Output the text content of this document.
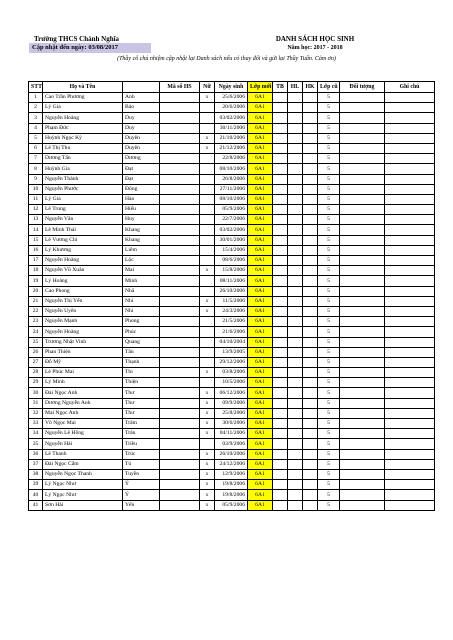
Trường THCS Chánh Nghĩa
Cập nhật đến ngày: 03/08/2017
DANH SÁCH HỌC SINH
Năm học: 2017 - 2018
(Thầy cô chủ nhiệm cập nhật lại Danh sách nếu có thay đổi và gửi lại Thầy Tuấn. Cảm ơn)
STT	Họ và Tên		Mã số HS	Nữ	Ngày sinh	Lớp mới	TB	HL	HK	Lớp cũ	Đối tượng	Ghi chú
1	Cao Trần Phương	Anh		x	25/6/2006	6A1				5		
2	Lý Gia	Bảo			20/6/2006	6A1				5		
3	Nguyễn Hoàng	Duy			03/02/2006	6A1				5		
4	Phạm Đức	Duy			30/11/2006	6A1				5		
5	Huỳnh Ngọc Kỳ	Duyên		x	21/10/2006	6A1				5		
6	Lê Thị Thu	Duyên		x	21/12/2006	6A1				5		
7	Dương Tấn	Dương			22/8/2006	6A1				5		
8	Huỳnh Gia	Đạt			08/10/2006	6A1				5		
9	Nguyễn Thành	Đạt			26/8/2006	6A1				5		
10	Nguyễn Phước	Đông			27/11/2006	6A1				5		
11	Lý Gia	Hào			08/10/2006	6A1				5		
12	Lê Trung	Hiếu			05/9/2006	6A1				5		
13	Nguyễn Văn	Huy			22/7/2006	6A1				5		
14	Lê Minh Thái	Khang			03/02/2006	6A1				5		
15	Lê Vương Chí	Khang			30/01/2006	6A1				5		
16	Lý Khương	Liêm			15/4/2006	6A1				5		
17	Nguyễn Hoàng	Lộc			08/6/2006	6A1				5		
18	Nguyễn Vũ Xuân	Mai		x	15/8/2006	6A1				5		
19	Lý Hoàng	Minh			08/11/2006	6A1				5		
20	Cao Phong	Nhã			26/10/2006	6A1				5		
21	Nguyễn Thị Yến	Nhi		x	11/5/2006	6A1				5		
22	Nguyễn Uyên	Nhi		x	24/3/2006	6A1				5		
23	Nguyễn Mạnh	Phong			21/5/2006	6A1				5		
24	Nguyễn Hoàng	Phúc			21/6/2006	6A1				5		
25	Trương Nhật Vinh	Quang			04/10/2004	6A1				5		
26	Phan Thiện	Tân			13/9/2005	6A1				5		
27	Đỗ Mỹ	Thạnh			29/12/2006	6A1				5		
28	Lê Phúc Mai	Thi		x	03/8/2006	6A1				5		
29	Lý Minh	Thiện			10/5/2006	6A1				5		
30	Đài Ngọc Anh	Thư		x	06/12/2006	6A1				5		
31	Dương Nguyễn Anh	Thư		x	09/9/2006	6A1				5		
32	Mai Ngọc Anh	Thư		x	25/8/2006	6A1				5		
33	Võ Ngọc Mai	Trâm		x	30/6/2006	6A1				5		
34	Nguyễn Lê Hồng	Trân		x	04/11/2006	6A1				5		
35	Nguyễn Hải	Triều			03/9/2006	6A1				5		
36	Lê Thanh	Trúc		x	26/10/2006	6A1				5		
37	Đài Ngọc Cẩm	Tú		x	24/12/2006	6A1				5		
38	Nguyễn Ngọc Thanh	Tuyền		x	12/9/2006	6A1				5		
39	Lý Ngọc Như	Ý		x	19/8/2006	6A1				5		
40	Lý Ngọc Như	Ý		x	19/8/2006	6A1				5		
41	Sơn Hải	Yến		x	05/9/2006	6A1				5		
